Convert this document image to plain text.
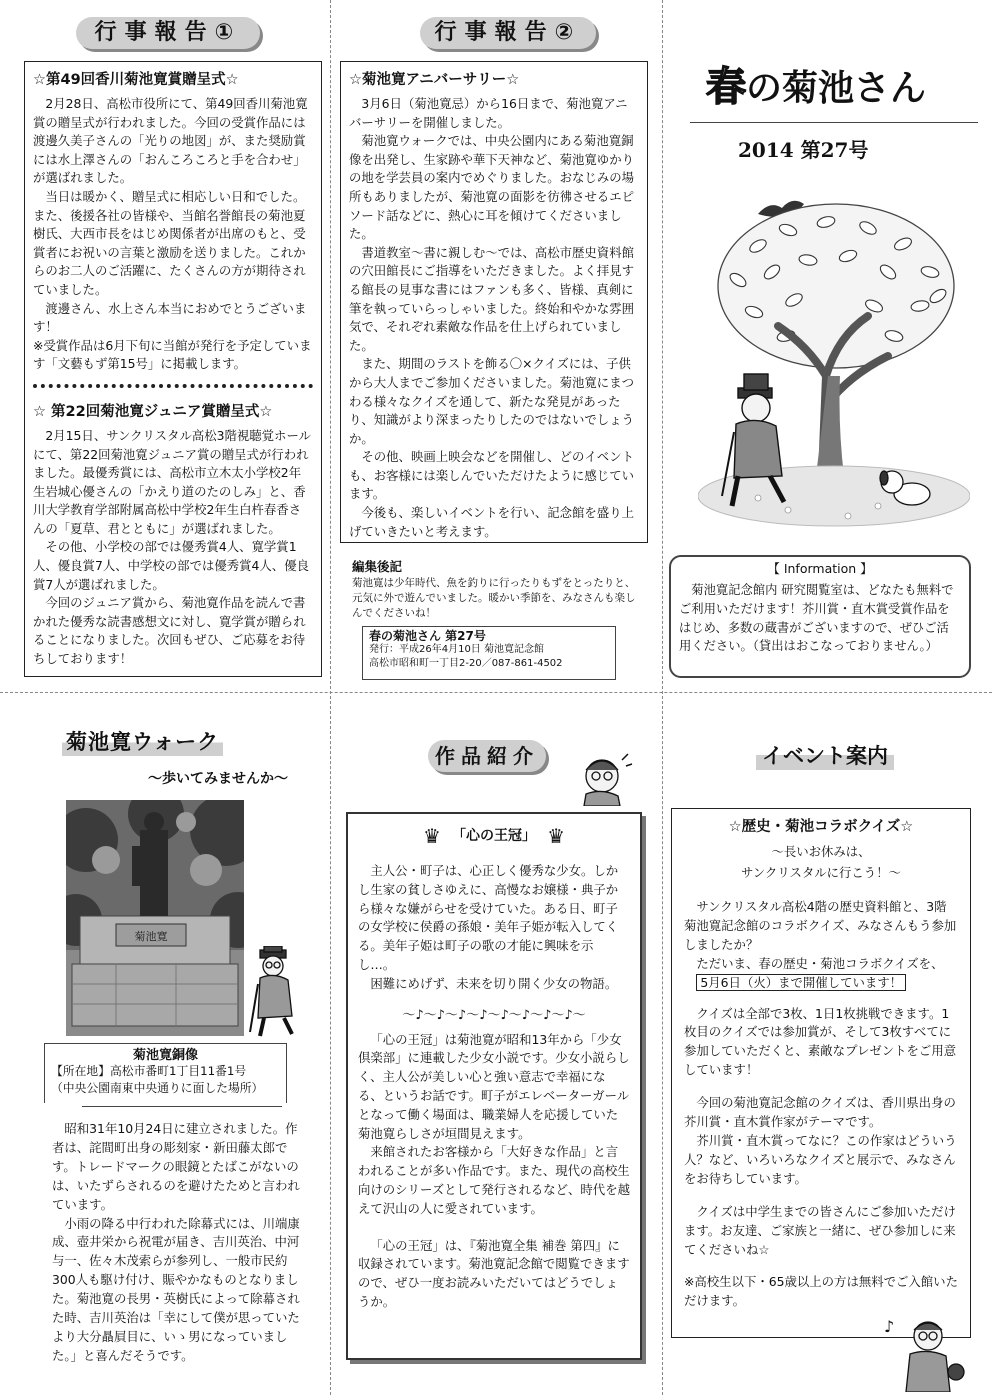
行事報告①
☆第49回香川菊池寛賞贈呈式☆

2月28日、高松市役所にて、第49回香川菊池寛賞の贈呈式が行われました。今回の受賞作品には渡邊久美子さんの「光りの地図」が、また奨励賞には水上澤さんの「おんころころと手を合わせ」が選ばれました。

当日は暖かく、贈呈式に相応しい日和でした。また、後援各社の皆様や、当館名誉館長の菊池夏樹氏、大西市長をはじめ関係者が出席のもと、受賞者にお祝いの言葉と激励を送りました。これからのお二人のご活躍に、たくさんの方が期待されていました。

渡邊さん、水上さん本当におめでとうございます！

※受賞作品は6月下旬に当館が発行を予定しています「文藝もず第15号」に掲載します。

☆ 第22回菊池寛ジュニア賞贈呈式☆

2月15日、サンクリスタル高松3階視聴覚ホールにて、第22回菊池寛ジュニア賞の贈呈式が行われました。最優秀賞には、高松市立木太小学校2年生岩城心優さんの「かえり道のたのしみ」と、香川大学教育学部附属高松中学校2年生白杵春香さんの「夏草、君とともに」が選ばれました。

その他、小学校の部では優秀賞4人、寛学賞1人、優良賞7人、中学校の部では優秀賞4人、優良賞7人が選ばれました。

今回のジュニア賞から、菊池寛作品を読んで書かれた優秀な読書感想文に対し、寛学賞が贈られることになりました。次回もぜひ、ご応募をお待ちしております！

行事報告②
☆菊池寛アニバーサリー☆

3月6日（菊池寛忌）から16日まで、菊池寛アニバーサリーを開催しました。

菊池寛ウォークでは、中央公園内にある菊池寛銅像を出発し、生家跡や華下天神など、菊池寛ゆかりの地を学芸員の案内でめぐりました。おなじみの場所もありましたが、菊池寛の面影を彷彿させるエピソード話などに、熱心に耳を傾けてくださいました。

書道教室～書に親しむ～では、高松市歴史資料館の穴田館長にご指導をいただきました。よく拝見する館長の見事な書にはファンも多く、皆様、真剣に筆を執っていらっしゃいました。終始和やかな雰囲気で、それぞれ素敵な作品を仕上げられていました。

また、期間のラストを飾る〇×クイズには、子供から大人までご参加くださいました。菊池寛にまつわる様々なクイズを通して、新たな発見があったり、知識がより深まったりしたのではないでしょうか。

その他、映画上映会などを開催し、どのイベントも、お客様には楽しんでいただけたように感じています。

今後も、楽しいイベントを行い、記念館を盛り上げていきたいと考えます。

編集後記
菊池寛は少年時代、魚を釣りに行ったりもずをとったりと、元気に外で遊んでいました。暖かい季節を、みなさんも楽しんでくださいね！
春の菊池さん 第27号
発行：平成26年4月10日 菊池寛記念館
高松市昭和町一丁目2-20／087-861-4502
春の菊池さん
2014 第27号
【 Information 】

菊池寛記念館内 研究閲覧室は、どなたも無料でご利用いただけます！芥川賞・直木賞受賞作品をはじめ、多数の蔵書がございますので、ぜひご活用ください。（貸出はおこなっておりません。）

菊池寛ウォーク
～歩いてみませんか～
菊池寛
菊池寛銅像
【所在地】高松市番町1丁目11番1号
（中央公園南東中央通りに面した場所）

昭和31年10月24日に建立されました。作者は、詫間町出身の彫刻家・新田藤太郎です。トレードマークの眼鏡とたばこがないのは、いたずらされるのを避けたためと言われています。

小雨の降る中行われた除幕式には、川端康成、壺井栄から祝電が届き、吉川英治、中河与一、佐々木茂索らが参列し、一般市民約300人も駆け付け、賑やかなものとなりました。菊池寛の長男・英樹氏によって除幕された時、吉川英治は「幸にして僕が思っていたより大分贔屓目に、いゝ男になっていました。」と喜んだそうです。

作品紹介
♛ 「心の王冠」 ♛

主人公・町子は、心正しく優秀な少女。しかし生家の貧しさゆえに、高慢なお嬢様・典子から様々な嫌がらせを受けていた。ある日、町子の女学校に侯爵の孫娘・美年子姫が転入してくる。美年子姫は町子の歌の才能に興味を示し…。

困難にめげず、未来を切り開く少女の物語。

～♪～♪～♪～♪～♪～♪～♪～♪～

「心の王冠」は菊池寛が昭和13年から「少女倶楽部」に連載した少女小説です。少女小説らしく、主人公が美しい心と強い意志で幸福になる、というお話です。町子がエレベーターガールとなって働く場面は、職業婦人を応援していた菊池寛らしさが垣間見えます。

来館されたお客様から「大好きな作品」と言われることが多い作品です。また、現代の高校生向けのシリーズとして発行されるなど、時代を越えて沢山の人に愛されています。

「心の王冠」は、『菊池寛全集 補巻 第四』に収録されています。菊池寛記念館で閲覧できますので、ぜひ一度お読みいただいてはどうでしょうか。

イベント案内
☆歴史・菊池コラボクイズ☆
～長いお休みは、
サンクリスタルに行こう！～

サンクリスタル高松4階の歴史資料館と、3階菊池寛記念館のコラボクイズ、みなさんもう参加しましたか？

ただいま、春の歴史・菊池コラボクイズを、

5月6日（火）まで開催しています！

クイズは全部で3枚、1日1枚挑戦できます。1枚目のクイズでは参加賞が、そして3枚すべてに参加していただくと、素敵なプレゼントをご用意しています！

今回の菊池寛記念館のクイズは、香川県出身の芥川賞・直木賞作家がテーマです。

芥川賞・直木賞ってなに？この作家はどういう人？など、いろいろなクイズと展示で、みなさんをお待ちしています。

クイズは中学生までの皆さんにご参加いただけます。お友達、ご家族と一緒に、ぜひ参加しに来てくださいね☆

※高校生以下・65歳以上の方は無料でご入館いただけます。

♪
